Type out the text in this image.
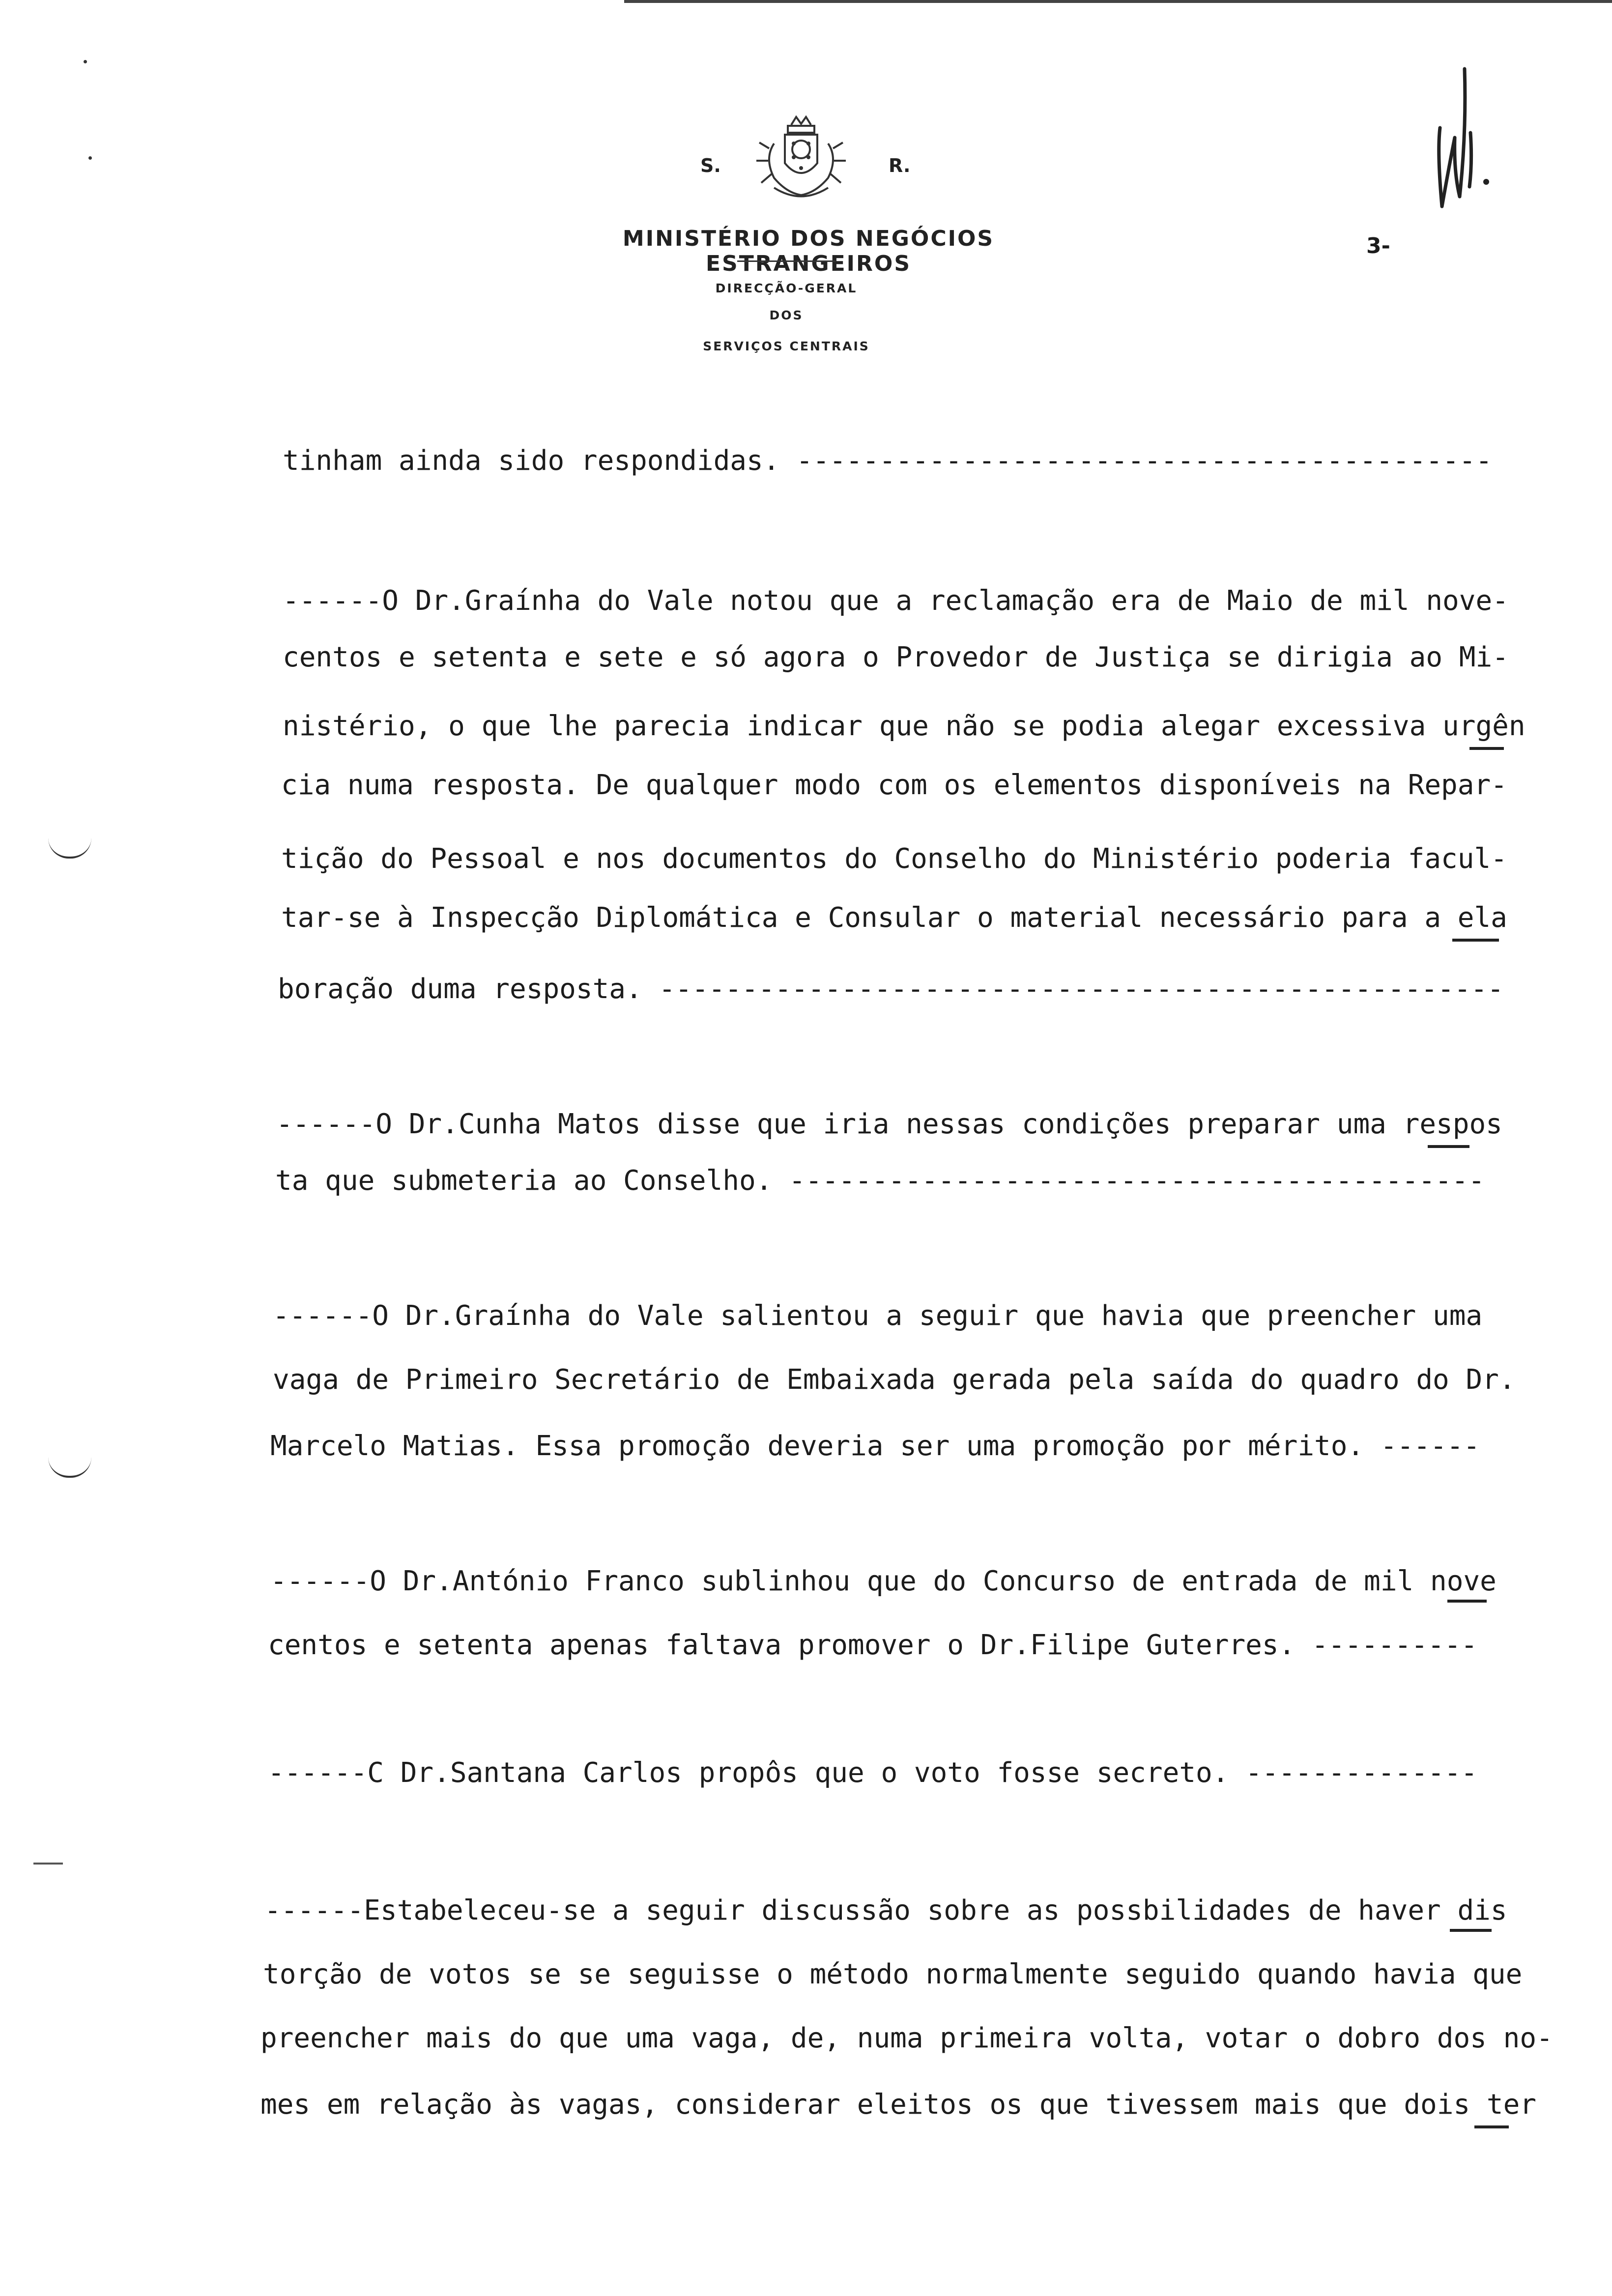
S.	R.
MINISTÉRIO DOS NEGÓCIOS ESTRANGEIROS
DIRECÇÃO-GERAL
DOS
SERVIÇOS CENTRAIS
3-
tinham ainda sido respondidas. ------------------------------------------
------O Dr.Graínha do Vale notou que a reclamação era de Maio de mil nove-
centos e setenta e sete e só agora o Provedor de Justiça se dirigia ao Mi-
nistério, o que lhe parecia indicar que não se podia alegar excessiva urgên
cia numa resposta. De qualquer modo com os elementos disponíveis na Repar-
tição do Pessoal e nos documentos do Conselho do Ministério poderia facul-
tar-se à Inspecção Diplomática e Consular o material necessário para a ela
boração duma resposta. ---------------------------------------------------
------O Dr.Cunha Matos disse que iria nessas condições preparar uma respos
ta que submeteria ao Conselho. ------------------------------------------
------O Dr.Graínha do Vale salientou a seguir que havia que preencher uma
vaga de Primeiro Secretário de Embaixada gerada pela saída do quadro do Dr.
Marcelo Matias. Essa promoção deveria ser uma promoção por mérito. ------
------O Dr.António Franco sublinhou que do Concurso de entrada de mil nove
centos e setenta apenas faltava promover o Dr.Filipe Guterres. ----------
------C Dr.Santana Carlos propôs que o voto fosse secreto. --------------
------Estabeleceu-se a seguir discussão sobre as possbilidades de haver dis
torção de votos se se seguisse o método normalmente seguido quando havia que
preencher mais do que uma vaga, de, numa primeira volta, votar o dobro dos no-
mes em relação às vagas, considerar eleitos os que tivessem mais que dois ter
